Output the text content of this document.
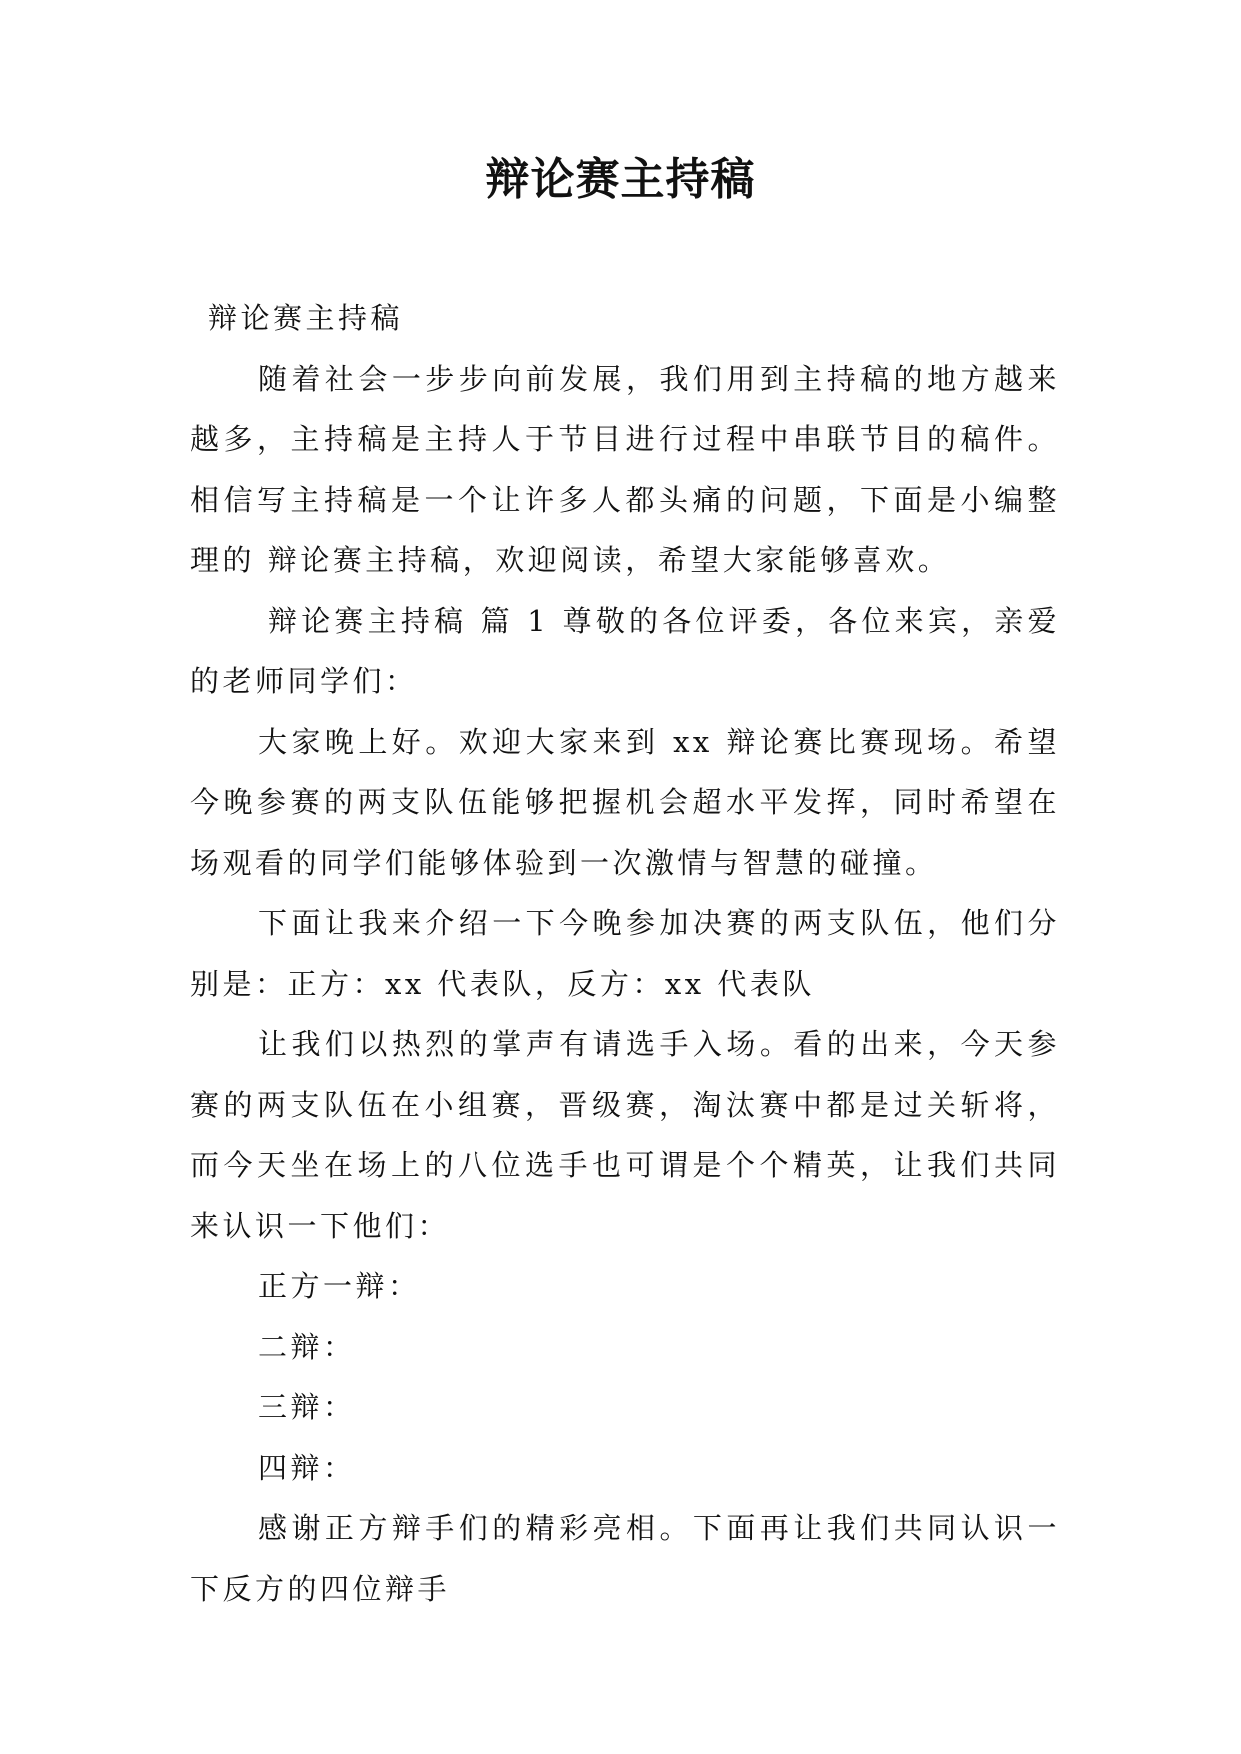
辩论赛主持稿

辩论赛主持稿

随着社会一步步向前发展，我们用到主持稿的地方越来越多，主持稿是主持人于节目进行过程中串联节目的稿件。相信写主持稿是一个让许多人都头痛的问题，下面是小编整理的 辩论赛主持稿，欢迎阅读，希望大家能够喜欢。

辩论赛主持稿 篇 1 尊敬的各位评委，各位来宾，亲爱的老师同学们：

大家晚上好。欢迎大家来到 xx 辩论赛比赛现场。希望今晚参赛的两支队伍能够把握机会超水平发挥，同时希望在场观看的同学们能够体验到一次激情与智慧的碰撞。

下面让我来介绍一下今晚参加决赛的两支队伍，他们分别是：正方：xx 代表队，反方：xx 代表队

让我们以热烈的掌声有请选手入场。看的出来，今天参赛的两支队伍在小组赛，晋级赛，淘汰赛中都是过关斩将，而今天坐在场上的八位选手也可谓是个个精英，让我们共同来认识一下他们：

正方一辩：

二辩：

三辩：

四辩：

感谢正方辩手们的精彩亮相。下面再让我们共同认识一下反方的四位辩手
